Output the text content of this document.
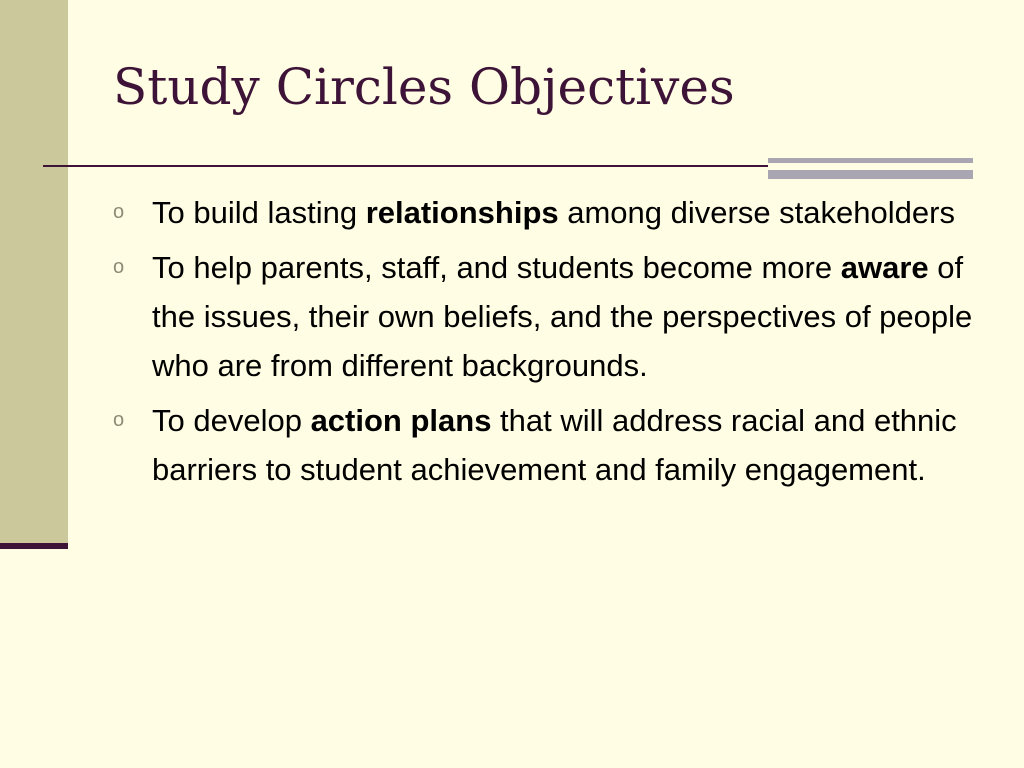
Study Circles Objectives
o To build lasting relationships among diverse stakeholders
o To help parents, staff, and students become more aware of the issues, their own beliefs, and the perspectives of people who are from different backgrounds.
o To develop action plans that will address racial and ethnic barriers to student achievement and family engagement.
